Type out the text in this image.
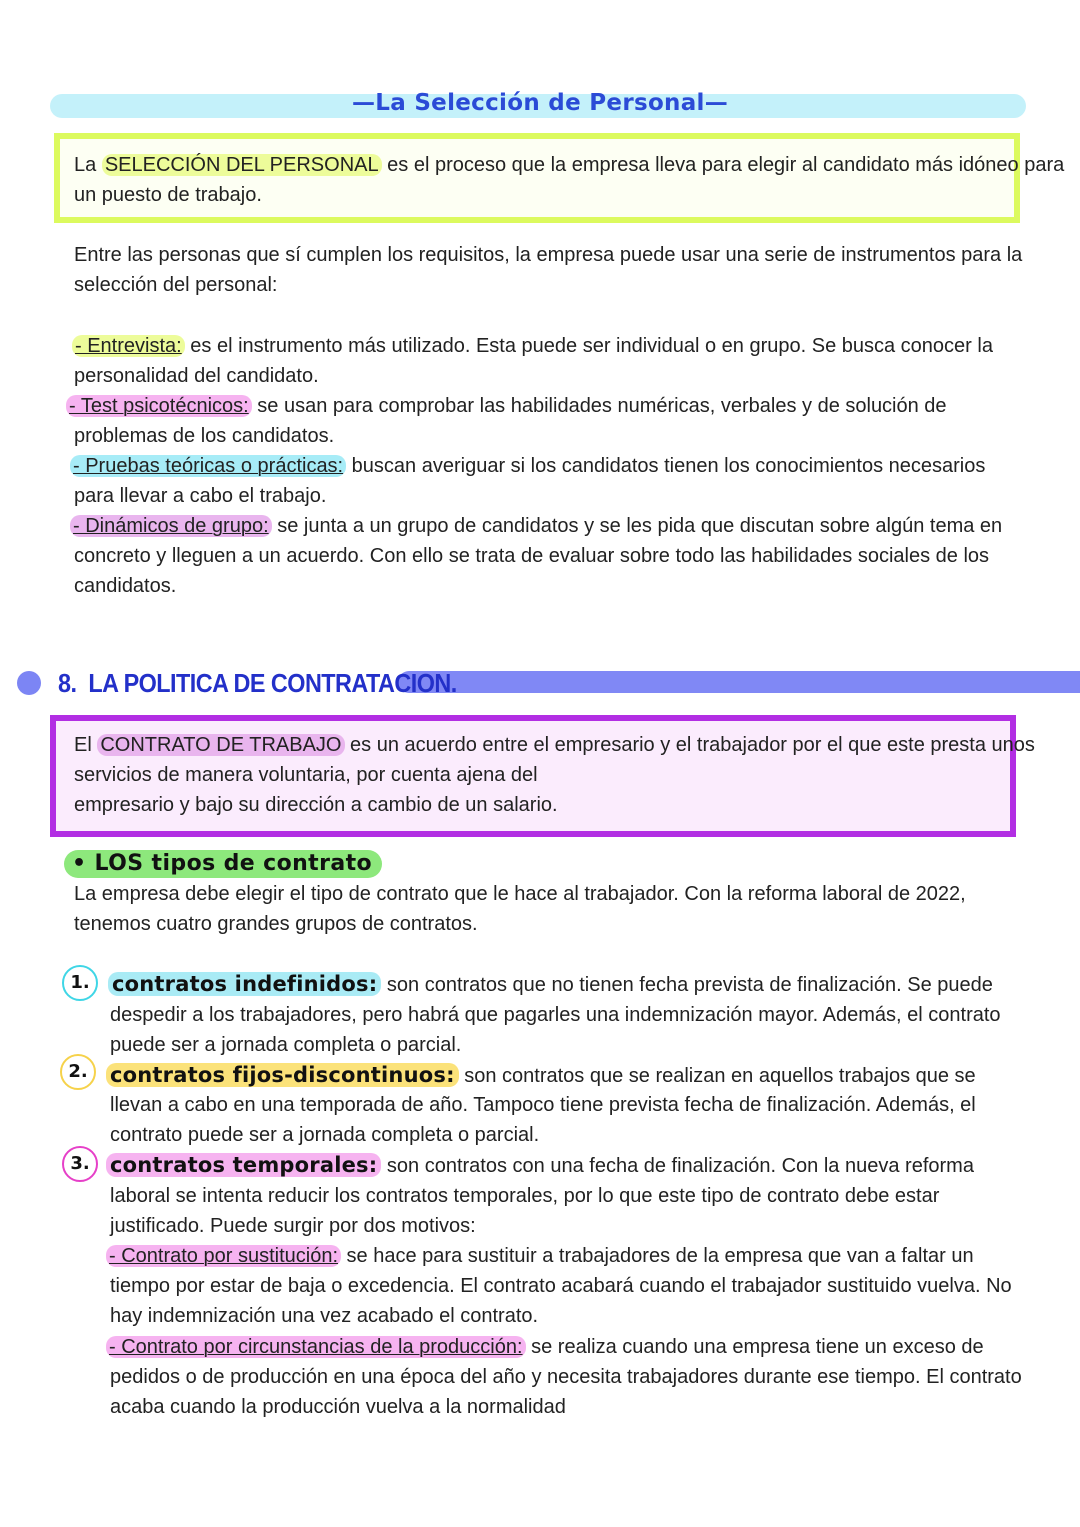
—La Selección de Personal—
La SELECCIÓN DEL PERSONAL es el proceso que la empresa lleva para elegir al candidato más idóneo para
un puesto de trabajo.
Entre las personas que sí cumplen los requisitos, la empresa puede usar una serie de instrumentos para la
selección del personal:
- Entrevista: es el instrumento más utilizado. Esta puede ser individual o en grupo. Se busca conocer la
personalidad del candidato.
- Test psicotécnicos: se usan para comprobar las habilidades numéricas, verbales y de solución de
problemas de los candidatos.
- Pruebas teóricas o prácticas: buscan averiguar si los candidatos tienen los conocimientos necesarios
para llevar a cabo el trabajo.
- Dinámicos de grupo: se junta a un grupo de candidatos y se les pida que discutan sobre algún tema en
concreto y lleguen a un acuerdo. Con ello se trata de evaluar sobre todo las habilidades sociales de los
candidatos.
8. LA POLITICA DE CONTRATACION.
El CONTRATO DE TRABAJO es un acuerdo entre el empresario y el trabajador por el que este presta unos
servicios de manera voluntaria, por cuenta ajena del
empresario y bajo su dirección a cambio de un salario.
• LOS tipos de contrato
La empresa debe elegir el tipo de contrato que le hace al trabajador. Con la reforma laboral de 2022,
tenemos cuatro grandes grupos de contratos.
1.	contratos indefinidos: son contratos que no tienen fecha prevista de finalización. Se puede
despedir a los trabajadores, pero habrá que pagarles una indemnización mayor. Además, el contrato
puede ser a jornada completa o parcial.
2.	contratos fijos-discontinuos: son contratos que se realizan en aquellos trabajos que se
llevan a cabo en una temporada de año. Tampoco tiene prevista fecha de finalización. Además, el
contrato puede ser a jornada completa o parcial.
3. contratos temporales: son contratos con una fecha de finalización. Con la nueva reforma
laboral se intenta reducir los contratos temporales, por lo que este tipo de contrato debe estar
justificado. Puede surgir por dos motivos:
- Contrato por sustitución: se hace para sustituir a trabajadores de la empresa que van a faltar un
tiempo por estar de baja o excedencia. El contrato acabará cuando el trabajador sustituido vuelva. No
hay indemnización una vez acabado el contrato.
- Contrato por circunstancias de la producción: se realiza cuando una empresa tiene un exceso de
pedidos o de producción en una época del año y necesita trabajadores durante ese tiempo. El contrato
acaba cuando la producción vuelva a la normalidad
